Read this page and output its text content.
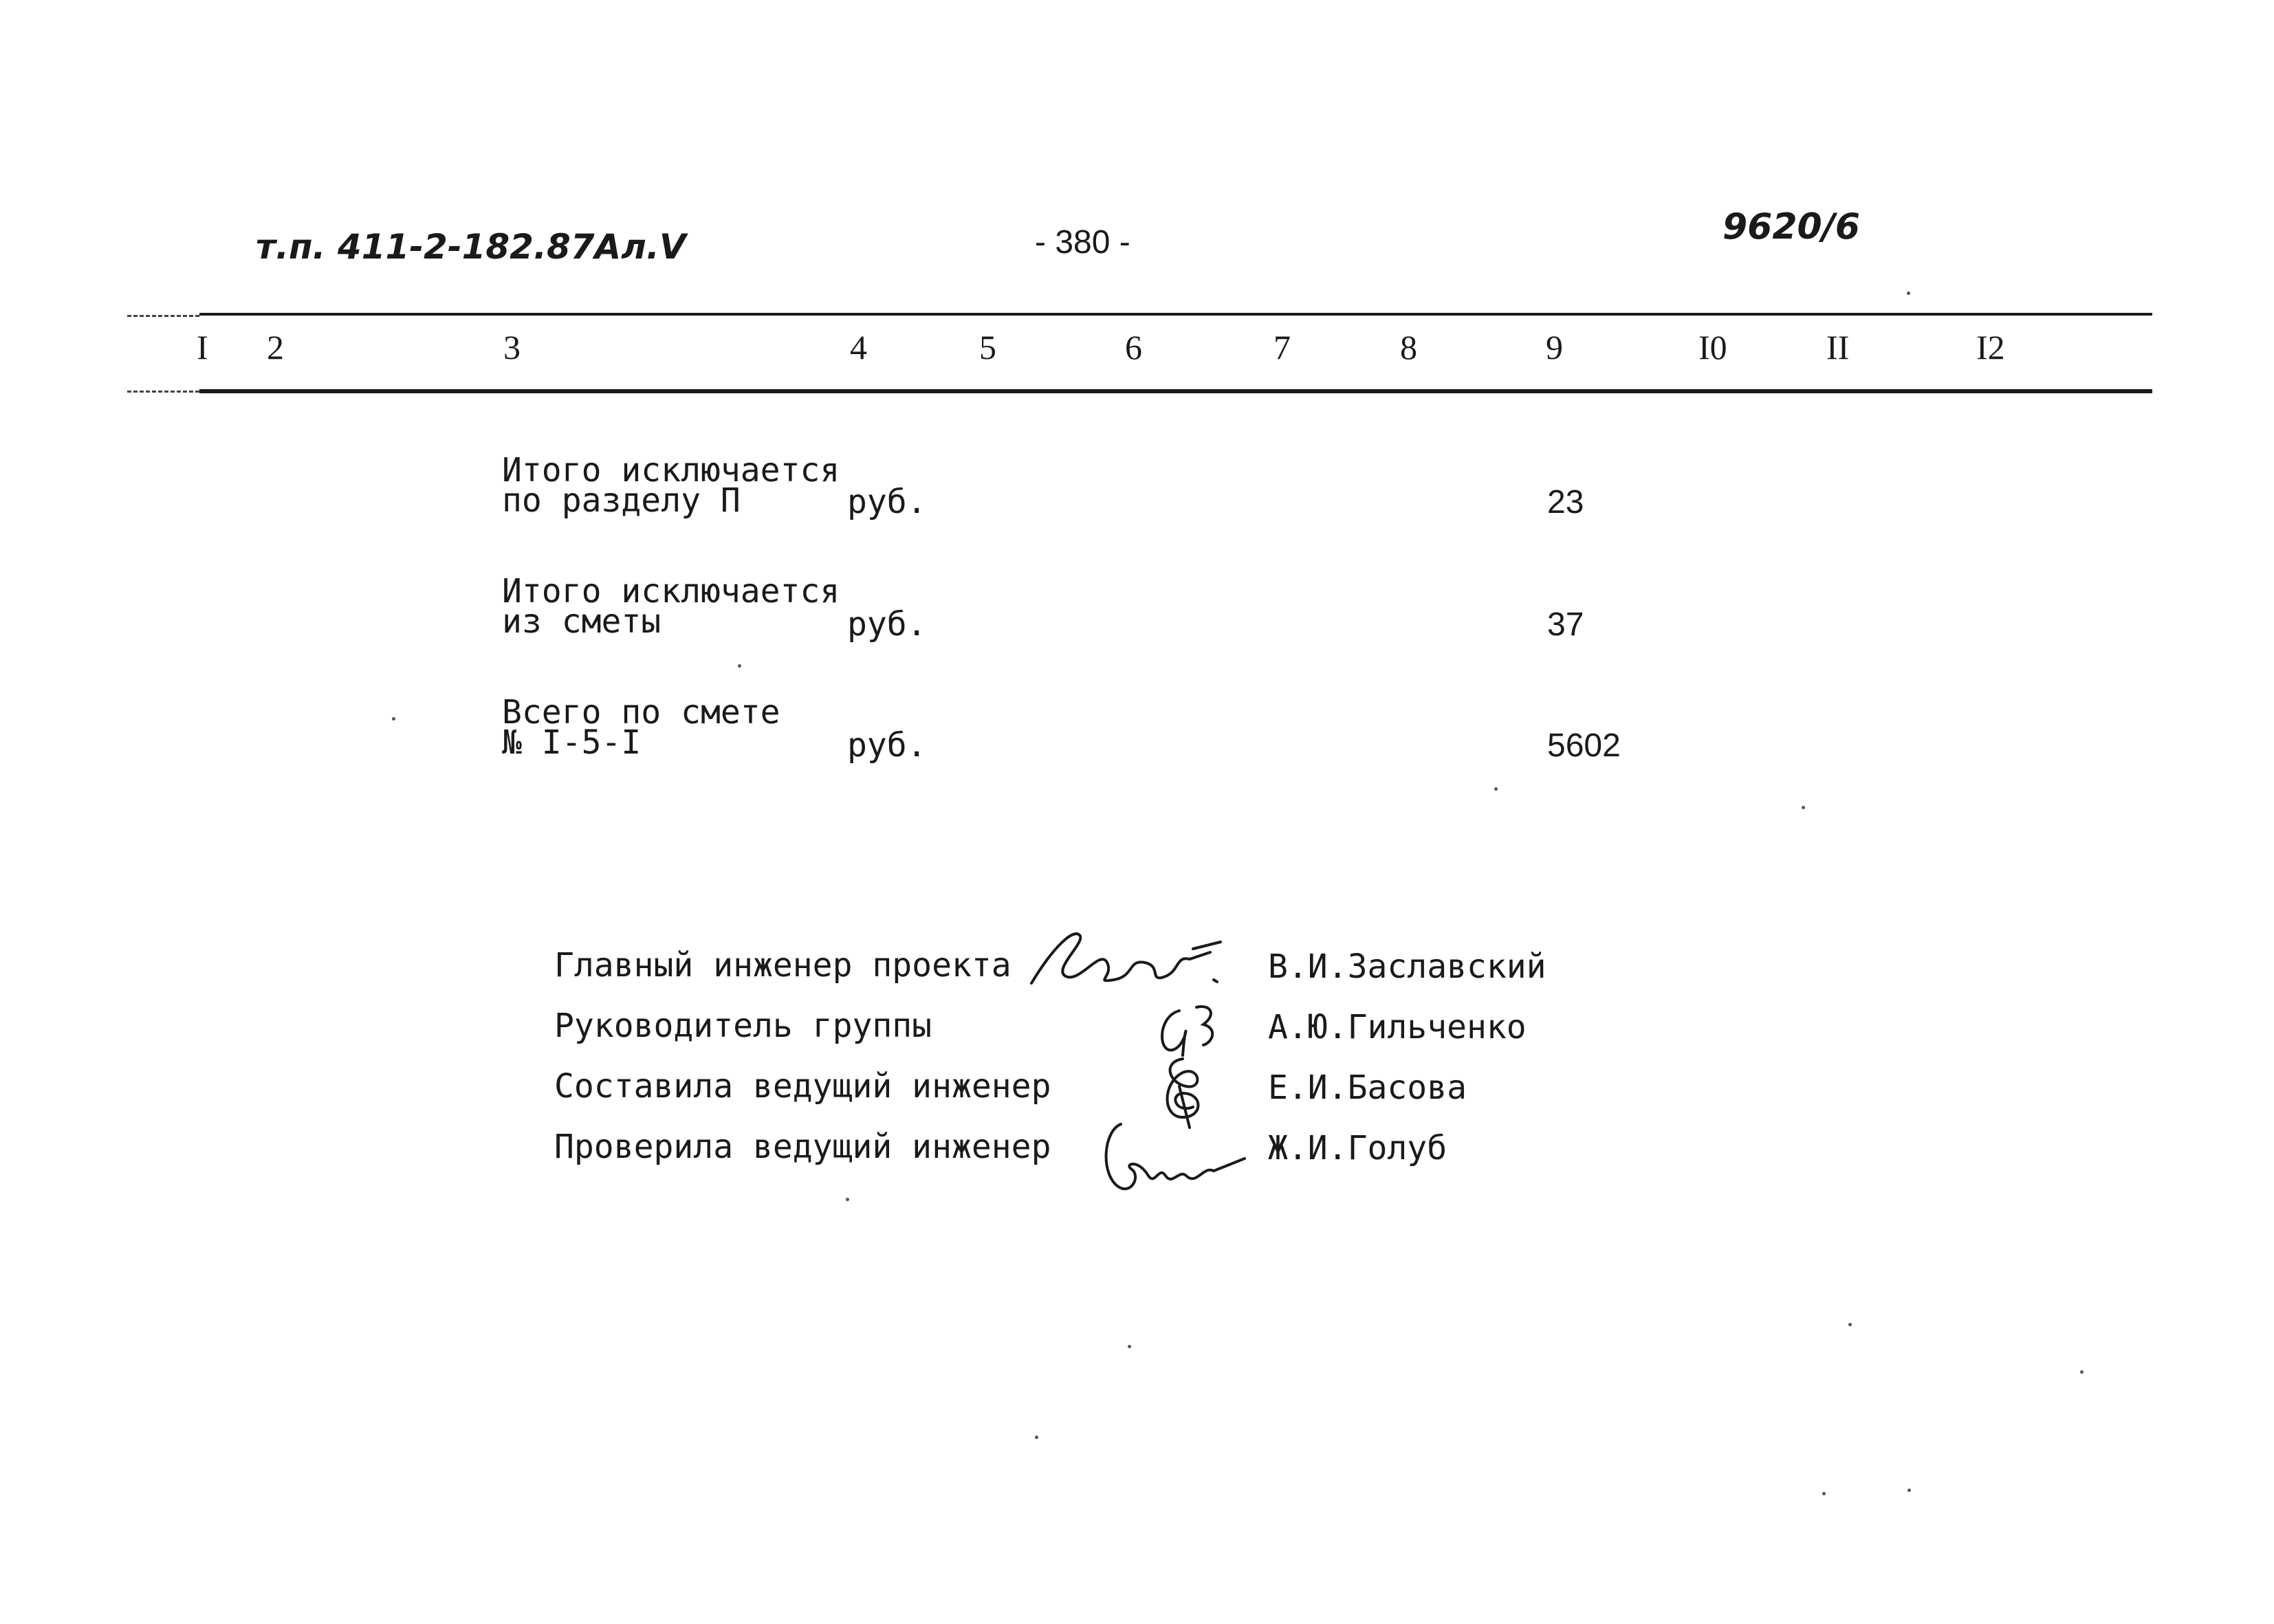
т.п. 411-2-182.87Ал.V	- 380 -	9620/6
I 2	3	4	5	6	7	8	9	I0	II	I2
Итого исключается
по разделу П	руб.	23
Итого исключается
из сметы	руб.	37
Всего по смете
№ I-5-I	руб.	5602
Главный инженер проекта	В.И.Заславский
Руководитель группы	А.Ю.Гильченко
Составила ведущий инженер	Е.И.Басова
Проверила ведущий инженер	Ж.И.Голуб
